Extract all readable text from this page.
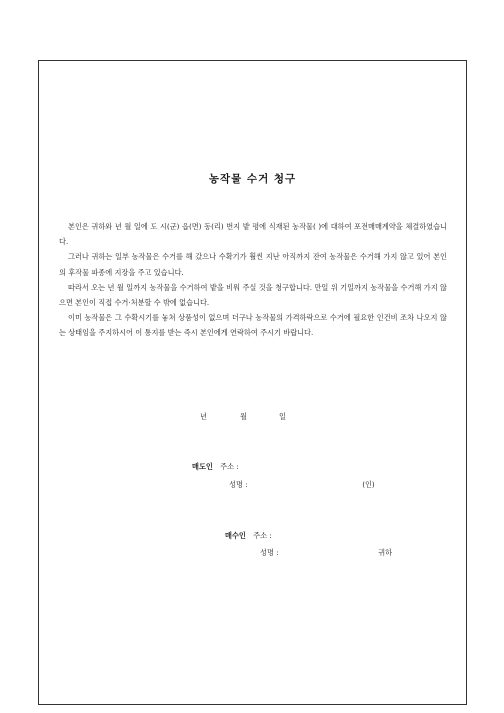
농작물 수거 청구

본인은 귀하와 년 월 일에 도 시(군) 읍(면) 동(리) 번지 밭 평에 식재된 농작물( )에 대하여 포전매매계약을 체결하였습니다.

그러나 귀하는 일부 농작물은 수거를 해 갔으나 수확기가 훨씬 지난 아직까지 잔여 농작물은 수거해 가지 않고 있어 본인의 후작물 파종에 지장을 주고 있습니다.

따라서 오는 년 월 일까지 농작물을 수거하여 밭을 비워 주실 것을 청구합니다. 만일 위 기일까지 농작물을 수거해 가지 않으면 본인이 직접 수거·처분할 수 밖에 없습니다.

이미 농작물은 그 수확시기를 놓쳐 상품성이 없으며 더구나 농작물의 가격하락으로 수거에 필요한 인건비 조차 나오지 않는 상태임을 주지하시어 이 통지를 받는 즉시 본인에게 연락하여 주시기 바랍니다.

년	월	일
매도인 주소 :
성명 :	(인)
매수인 주소 :
성명 :	귀하
